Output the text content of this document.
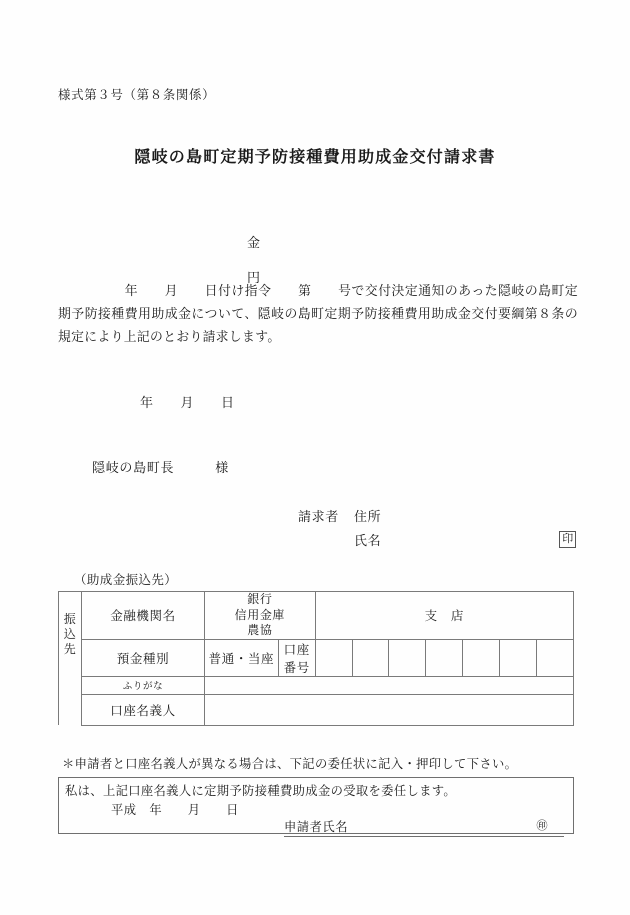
様式第３号（第８条関係）
隠岐の島町定期予防接種費用助成金交付請求書

金

円

　　　　　年　　月　　日付け指令　　第　　号で交付決定通知のあった隠岐の島町定期予防接種費用助成金について、隠岐の島町定期予防接種費用助成金交付要綱第８条の規定により上記のとおり請求します。
年　　月　　日
隠岐の島町長　　　様
請求者	住所
氏名	印
（助成金振込先）
振
込
先
	金融機関名	
銀行
信用金庫
農協
	支　店
	預金種別	普通・当座	口座番号							
	ふりがな									
	口座名義人									
＊申請者と口座名義人が異なる場合は、下記の委任状に記入・押印して下さい。
私は、上記口座名義人に定期予防接種費助成金の受取を委任します。
平成　年　　月　　日
申請者氏名	㊞
